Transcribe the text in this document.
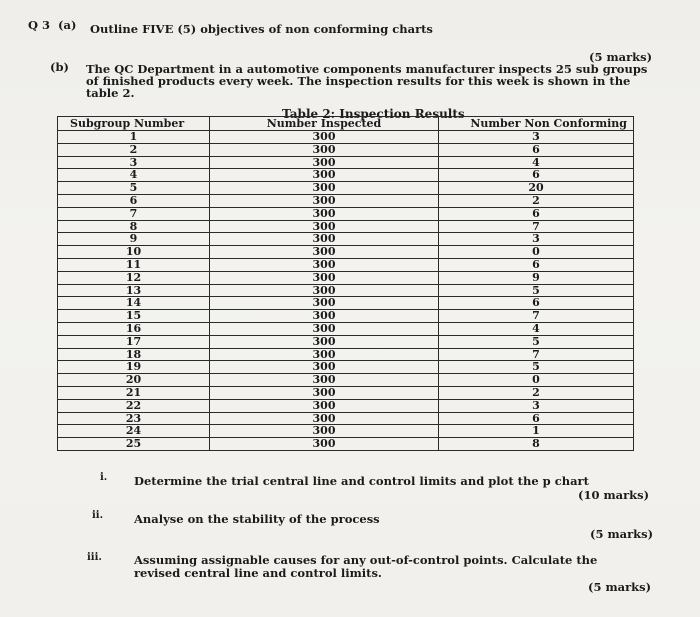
Q 3 (a) Outline FIVE (5) objectives of non conforming charts
(5 marks)
(b) The QC Department in a automotive components manufacturer inspects 25 sub groups
of finished products every week. The inspection results for this week is shown in the
table 2.
Table 2: Inspection Results
Subgroup Number	Number Inspected	Number Non Conforming
1	300	3
2	300	6
3	300	4
4	300	6
5	300	20
6	300	2
7	300	6
8	300	7
9	300	3
10	300	0
11	300	6
12	300	9
13	300	5
14	300	6
15	300	7
16	300	4
17	300	5
18	300	7
19	300	5
20	300	0
21	300	2
22	300	3
23	300	6
24	300	1
25	300	8
i. Determine the trial central line and control limits and plot the p chart
(10 marks)
ii.	Analyse on the stability of the process
(5 marks)
iii.	Assuming assignable causes for any out-of-control points. Calculate the
revised central line and control limits.
(5 marks)
